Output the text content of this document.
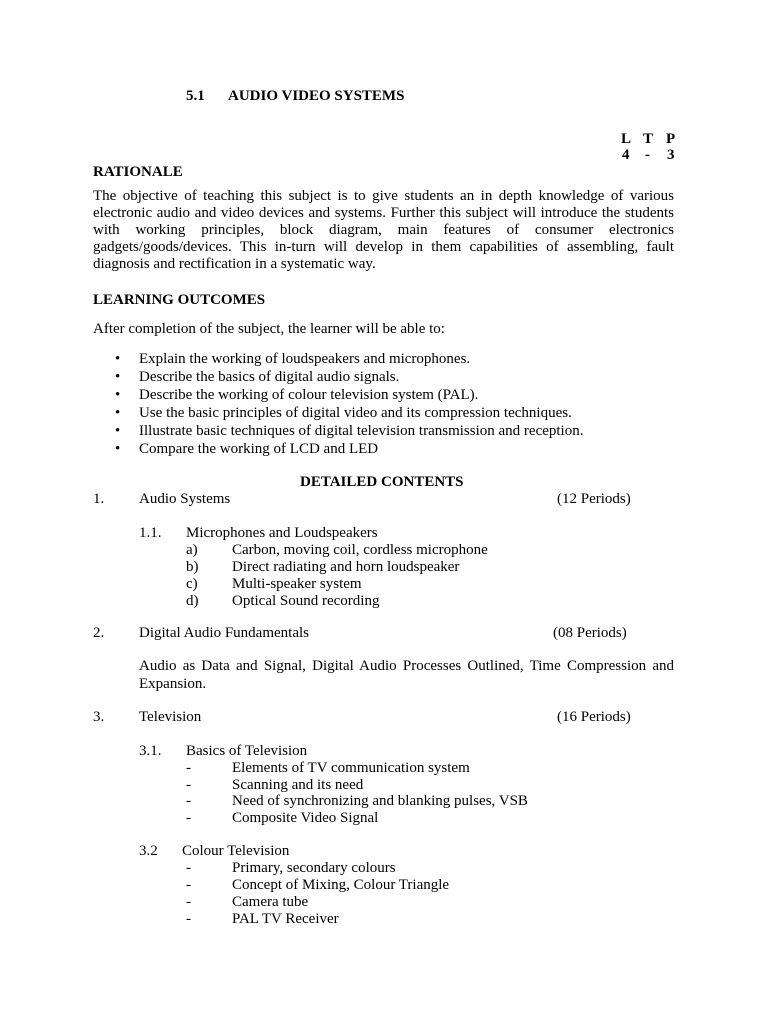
5.1 AUDIO VIDEO SYSTEMS
L T P
4 - 3
RATIONALE
The objective of teaching this subject is to give students an in depth knowledge of various
electronic audio and video devices and systems. Further this subject will introduce the students
with working principles, block diagram, main features of consumer electronics
gadgets/goods/devices. This in-turn will develop in them capabilities of assembling, fault
diagnosis and rectification in a systematic way.
LEARNING OUTCOMES
After completion of the subject, the learner will be able to:
• Explain the working of loudspeakers and microphones.
• Describe the basics of digital audio signals.
• Describe the working of colour television system (PAL).
• Use the basic principles of digital video and its compression techniques.
• Illustrate basic techniques of digital television transmission and reception.
• Compare the working of LCD and LED
DETAILED CONTENTS
1. Audio Systems	(12 Periods)
1.1. Microphones and Loudspeakers
a) Carbon, moving coil, cordless microphone
b) Direct radiating and horn loudspeaker
c) Multi-speaker system
d) Optical Sound recording
2. Digital Audio Fundamentals	(08 Periods)
Audio as Data and Signal, Digital Audio Processes Outlined, Time Compression and
Expansion.
3. Television	(16 Periods)
3.1. Basics of Television
-	Elements of TV communication system
-	Scanning and its need
-	Need of synchronizing and blanking pulses, VSB
-	Composite Video Signal
3.2 Colour Television
-	Primary, secondary colours
-	Concept of Mixing, Colour Triangle
-	Camera tube
-	PAL TV Receiver
